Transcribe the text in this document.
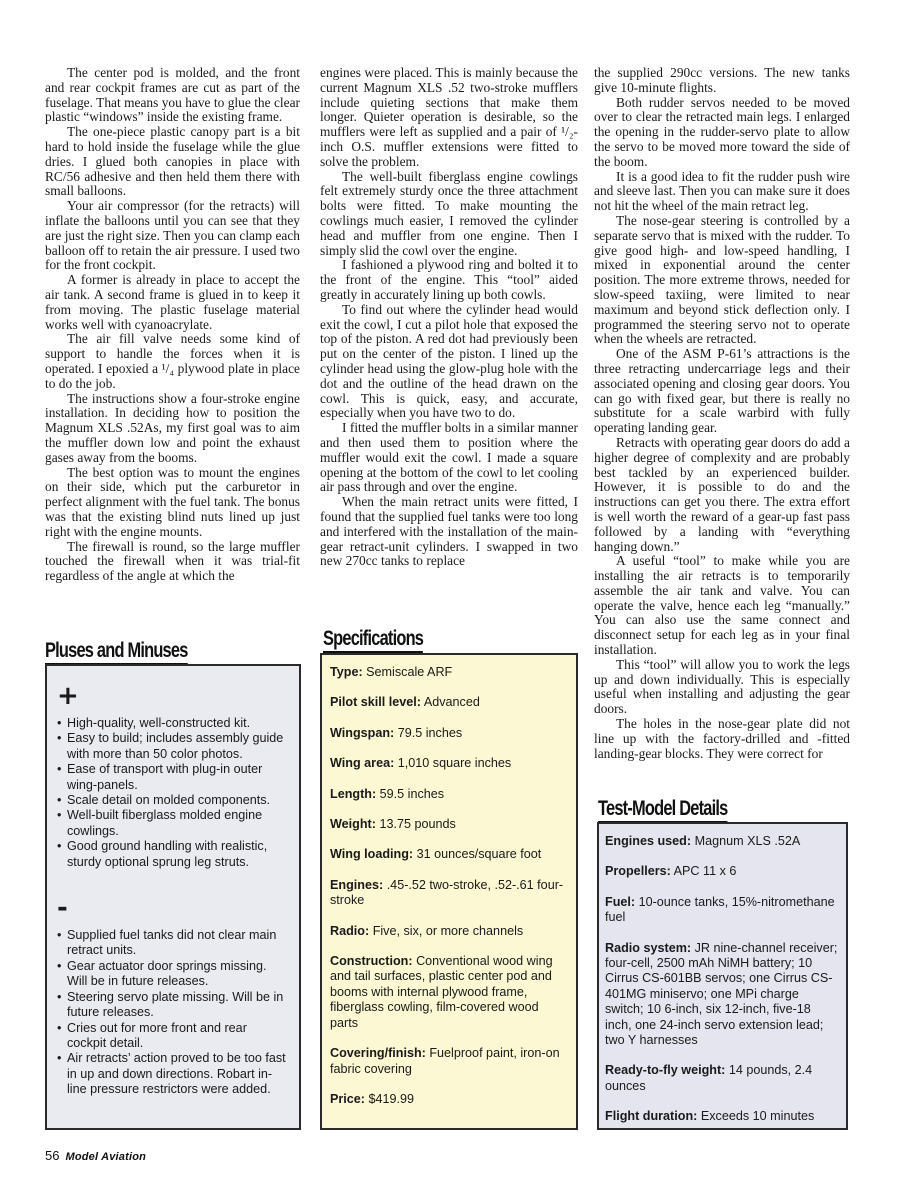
The center pod is molded, and the front and rear cockpit frames are cut as part of the fuselage. That means you have to glue the clear plastic “windows” inside the existing frame.

The one-piece plastic canopy part is a bit hard to hold inside the fuselage while the glue dries. I glued both canopies in place with RC/56 adhesive and then held them there with small balloons.

Your air compressor (for the retracts) will inflate the balloons until you can see that they are just the right size. Then you can clamp each balloon off to retain the air pressure. I used two for the front cockpit.

A former is already in place to accept the air tank. A second frame is glued in to keep it from moving. The plastic fuselage material works well with cyanoacrylate.

The air fill valve needs some kind of support to handle the forces when it is operated. I epoxied a ¹/₄ plywood plate in place to do the job.

The instructions show a four-stroke engine installation. In deciding how to position the Magnum XLS .52As, my first goal was to aim the muffler down low and point the exhaust gases away from the booms.

The best option was to mount the engines on their side, which put the carburetor in perfect alignment with the fuel tank. The bonus was that the existing blind nuts lined up just right with the engine mounts.

The firewall is round, so the large muffler touched the firewall when it was trial-fit regardless of the angle at which the

engines were placed. This is mainly because the current Magnum XLS .52 two-stroke mufflers include quieting sections that make them longer. Quieter operation is desirable, so the mufflers were left as supplied and a pair of ¹/₂-inch O.S. muffler extensions were fitted to solve the problem.

The well-built fiberglass engine cowlings felt extremely sturdy once the three attachment bolts were fitted. To make mounting the cowlings much easier, I removed the cylinder head and muffler from one engine. Then I simply slid the cowl over the engine.

I fashioned a plywood ring and bolted it to the front of the engine. This “tool” aided greatly in accurately lining up both cowls.

To find out where the cylinder head would exit the cowl, I cut a pilot hole that exposed the top of the piston. A red dot had previously been put on the center of the piston. I lined up the cylinder head using the glow-plug hole with the dot and the outline of the head drawn on the cowl. This is quick, easy, and accurate, especially when you have two to do.

I fitted the muffler bolts in a similar manner and then used them to position where the muffler would exit the cowl. I made a square opening at the bottom of the cowl to let cooling air pass through and over the engine.

When the main retract units were fitted, I found that the supplied fuel tanks were too long and interfered with the installation of the main-gear retract-unit cylinders. I swapped in two new 270cc tanks to replace

the supplied 290cc versions. The new tanks give 10-minute flights.

Both rudder servos needed to be moved over to clear the retracted main legs. I enlarged the opening in the rudder-servo plate to allow the servo to be moved more toward the side of the boom.

It is a good idea to fit the rudder push wire and sleeve last. Then you can make sure it does not hit the wheel of the main retract leg.

The nose-gear steering is controlled by a separate servo that is mixed with the rudder. To give good high- and low-speed handling, I mixed in exponential around the center position. The more extreme throws, needed for slow-speed taxiing, were limited to near maximum and beyond stick deflection only. I programmed the steering servo not to operate when the wheels are retracted.

One of the ASM P-61’s attractions is the three retracting undercarriage legs and their associated opening and closing gear doors. You can go with fixed gear, but there is really no substitute for a scale warbird with fully operating landing gear.

Retracts with operating gear doors do add a higher degree of complexity and are probably best tackled by an experienced builder. However, it is possible to do and the instructions can get you there. The extra effort is well worth the reward of a gear-up fast pass followed by a landing with “everything hanging down.”

A useful “tool” to make while you are installing the air retracts is to temporarily assemble the air tank and valve. You can operate the valve, hence each leg “manually.” You can also use the same connect and disconnect setup for each leg as in your final installation.

This “tool” will allow you to work the legs up and down individually. This is especially useful when installing and adjusting the gear doors.

The holes in the nose-gear plate did not line up with the factory-drilled and -fitted landing-gear blocks. They were correct for

Pluses and Minuses
+
• High-quality, well-constructed kit.
• Easy to build; includes assembly guide with more than 50 color photos.
• Ease of transport with plug-in outer wing-panels.
• Scale detail on molded components.
• Well-built fiberglass molded engine cowlings.
• Good ground handling with realistic, sturdy optional sprung leg struts.
-
• Supplied fuel tanks did not clear main retract units.
• Gear actuator door springs missing. Will be in future releases.
• Steering servo plate missing. Will be in future releases.
• Cries out for more front and rear cockpit detail.
• Air retracts’ action proved to be too fast in up and down directions. Robart in-line pressure restrictors were added.
Specifications
Type: Semiscale ARF
Pilot skill level: Advanced
Wingspan: 79.5 inches
Wing area: 1,010 square inches
Length: 59.5 inches
Weight: 13.75 pounds
Wing loading: 31 ounces/square foot
Engines: .45-.52 two-stroke, .52-.61 four-stroke
Radio: Five, six, or more channels
Construction: Conventional wood wing and tail surfaces, plastic center pod and booms with internal plywood frame, fiberglass cowling, film-covered wood parts
Covering/finish: Fuelproof paint, iron-on fabric covering
Price: $419.99
Test-Model Details
Engines used: Magnum XLS .52A
Propellers: APC 11 x 6
Fuel: 10-ounce tanks, 15%-nitromethane fuel
Radio system: JR nine-channel receiver; four-cell, 2500 mAh NiMH battery; 10 Cirrus CS-601BB servos; one Cirrus CS-401MG miniservo; one MPi charge switch; 10 6-inch, six 12-inch, five-18 inch, one 24-inch servo extension lead; two Y harnesses
Ready-to-fly weight: 14 pounds, 2.4 ounces
Flight duration: Exceeds 10 minutes
56 Model Aviation
